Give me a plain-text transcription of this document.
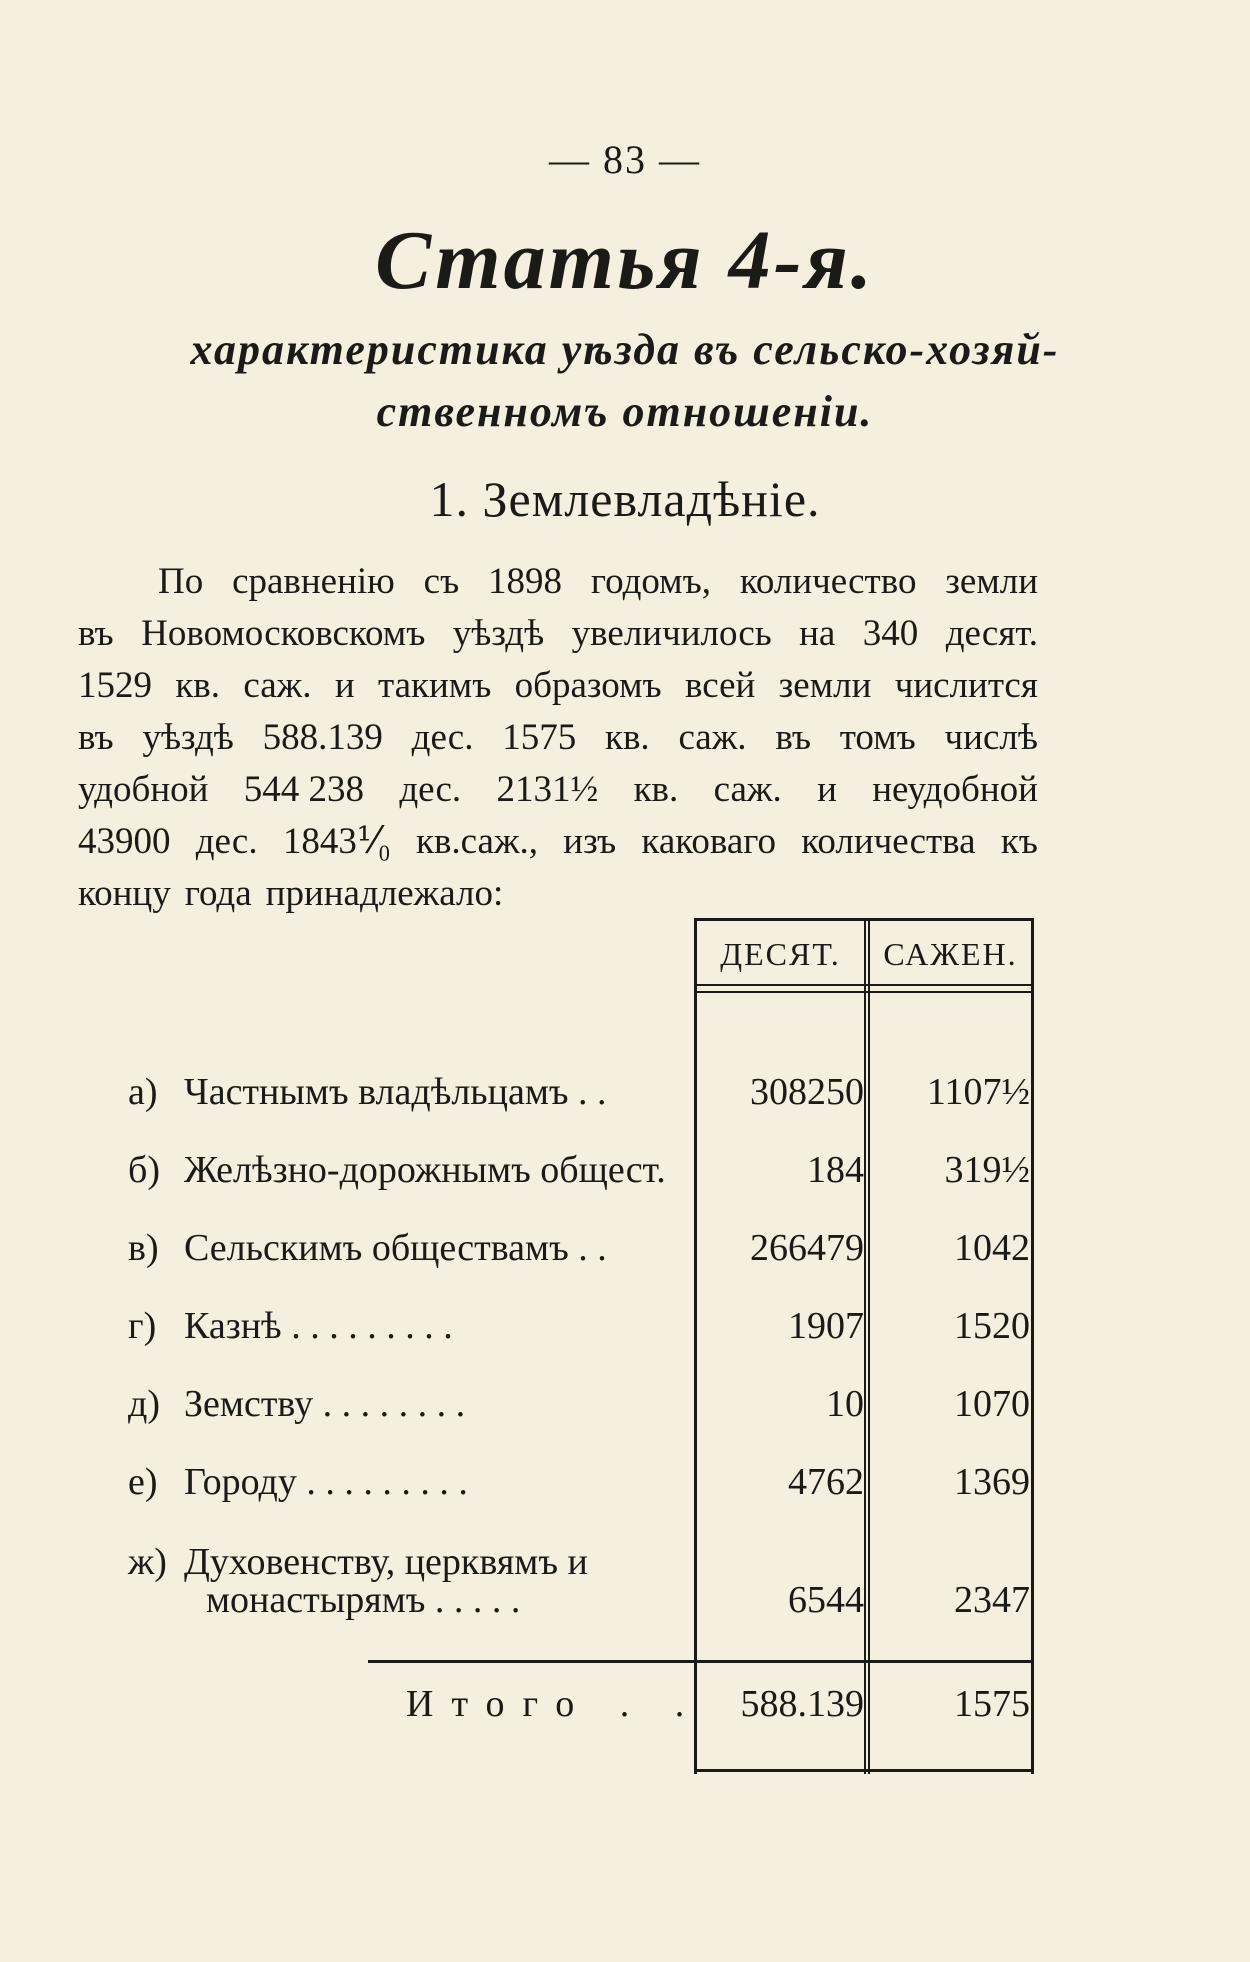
— 83 —
Статья 4-я.
характеристика уѣзда въ сельско-хозяй-
ственномъ отношеніи.
1. Землевладѣніе.
По сравненію съ 1898 годомъ, количество земли
въ Новомосковскомъ уѣздѣ увеличилось на 340 десят.
1529 кв. саж. и такимъ образомъ всей земли числится
въ уѣздѣ 588.139 дес. 1575 кв. саж. въ томъ числѣ
удобной 544 238 дес. 2131½ кв. саж. и неудобной
43900 дес. 1843⅟₀ кв.саж., изъ каковаго количества къ
концу года принадлежало:
ДЕСЯТ.	САЖЕН.
а) Частнымъ владѣльцамъ . .	308250	1107½
б) Желѣзно-дорожнымъ общест.	184	319½
в) Сельскимъ обществамъ . .	266479	1042
г) Казнѣ . . . . . . . . .	1907	1520
д) Земству . . . . . . . .	10	1070
е) Городу . . . . . . . . .	4762	1369
ж) Духовенству, церквямъ и
монастырямъ . . . . .	6544	2347
Итого . .	588.139	1575
